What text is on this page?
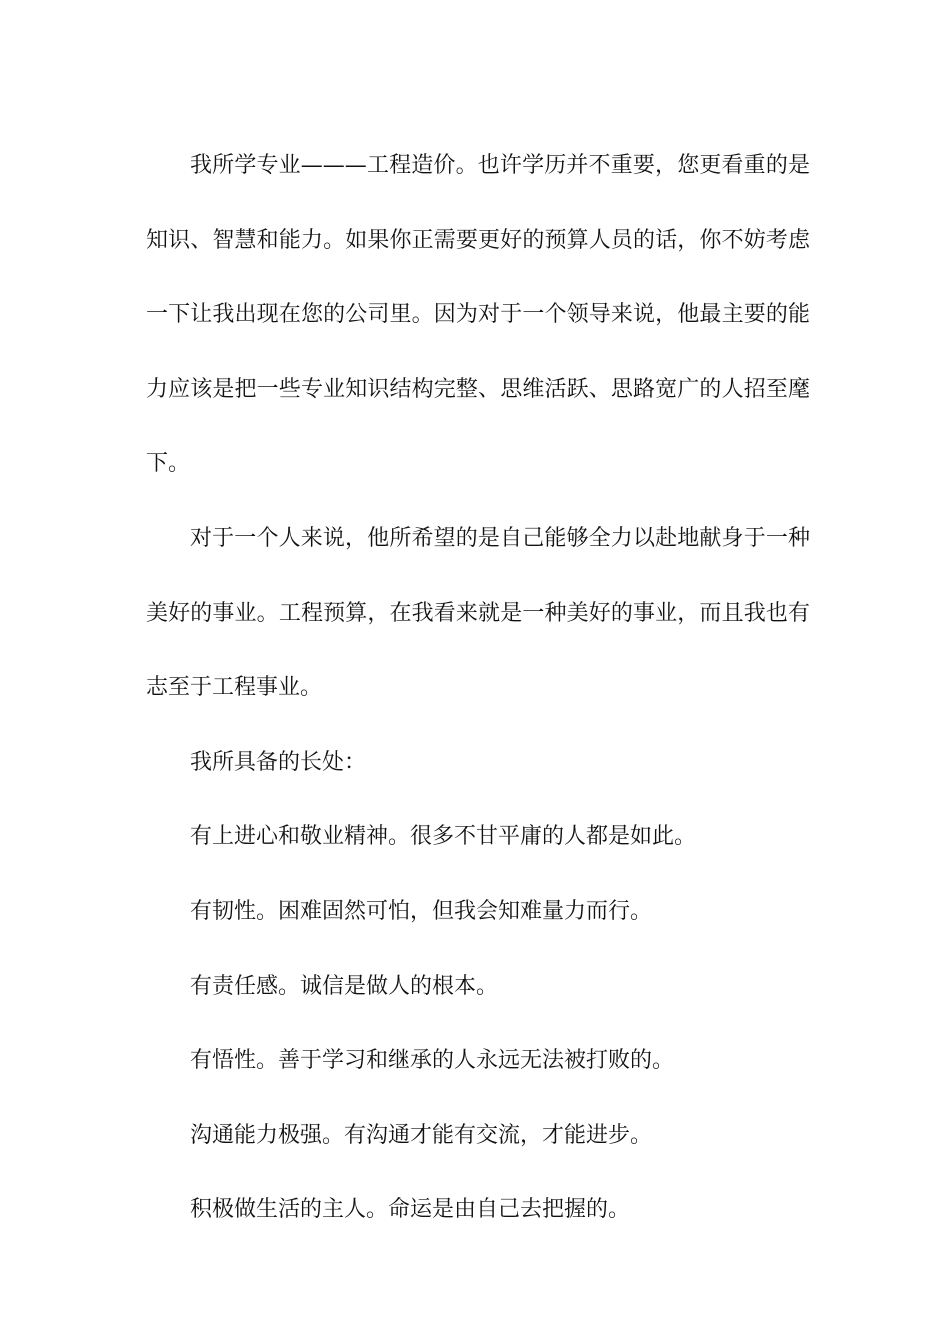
我所学专业———工程造价。也许学历并不重要，您更看重的是知识、智慧和能力。如果你正需要更好的预算人员的话，你不妨考虑一下让我出现在您的公司里。因为对于一个领导来说，他最主要的能力应该是把一些专业知识结构完整、思维活跃、思路宽广的人招至麾下。

对于一个人来说，他所希望的是自己能够全力以赴地献身于一种美好的事业。工程预算，在我看来就是一种美好的事业，而且我也有志至于工程事业。

我所具备的长处：

有上进心和敬业精神。很多不甘平庸的人都是如此。

有韧性。困难固然可怕，但我会知难量力而行。

有责任感。诚信是做人的根本。

有悟性。善于学习和继承的人永远无法被打败的。

沟通能力极强。有沟通才能有交流，才能进步。

积极做生活的主人。命运是由自己去把握的。
